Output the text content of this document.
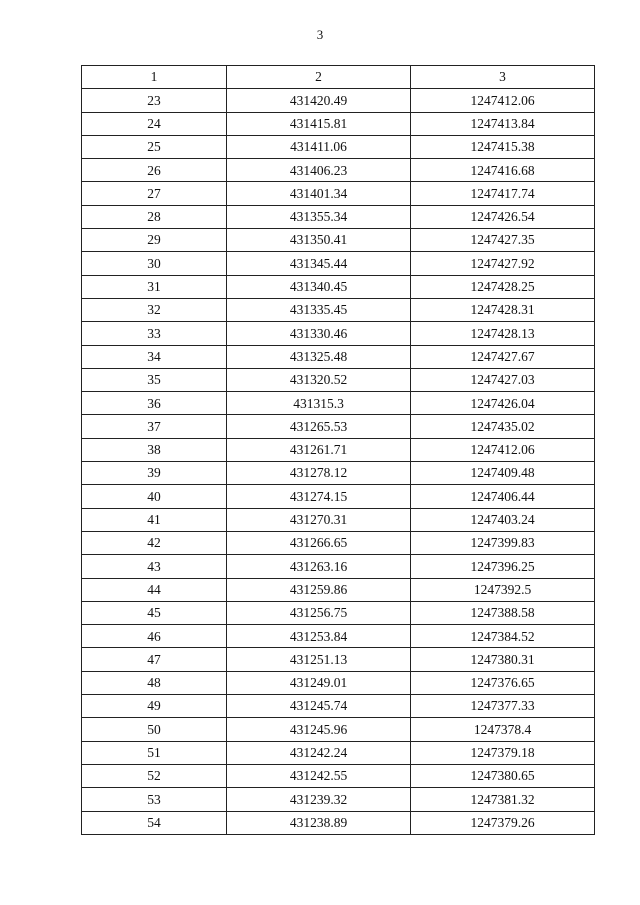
3
1	2	3
23	431420.49	1247412.06
24	431415.81	1247413.84
25	431411.06	1247415.38
26	431406.23	1247416.68
27	431401.34	1247417.74
28	431355.34	1247426.54
29	431350.41	1247427.35
30	431345.44	1247427.92
31	431340.45	1247428.25
32	431335.45	1247428.31
33	431330.46	1247428.13
34	431325.48	1247427.67
35	431320.52	1247427.03
36	431315.3	1247426.04
37	431265.53	1247435.02
38	431261.71	1247412.06
39	431278.12	1247409.48
40	431274.15	1247406.44
41	431270.31	1247403.24
42	431266.65	1247399.83
43	431263.16	1247396.25
44	431259.86	1247392.5
45	431256.75	1247388.58
46	431253.84	1247384.52
47	431251.13	1247380.31
48	431249.01	1247376.65
49	431245.74	1247377.33
50	431245.96	1247378.4
51	431242.24	1247379.18
52	431242.55	1247380.65
53	431239.32	1247381.32
54	431238.89	1247379.26
